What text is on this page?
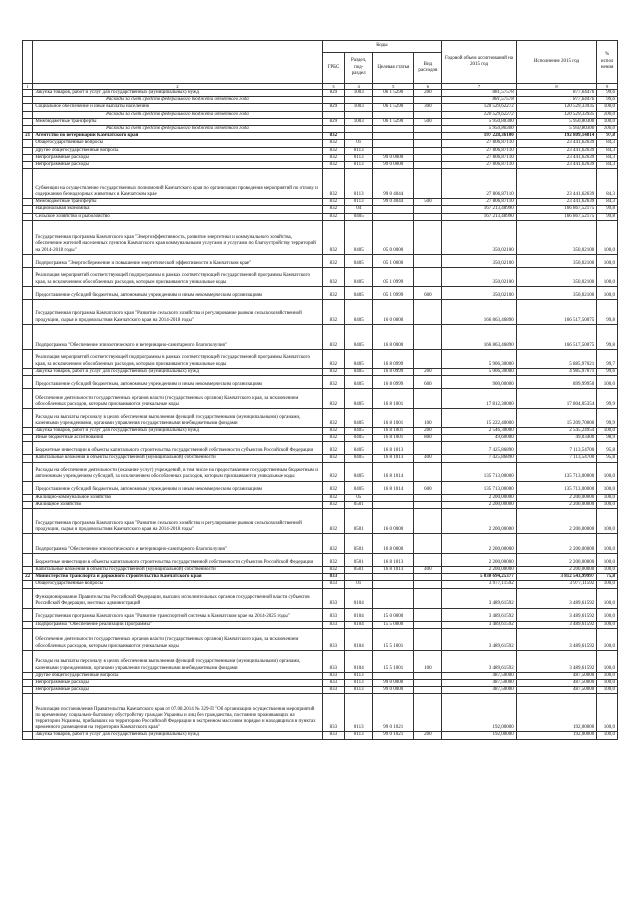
		Коды				Годовой объем ассигнований на 2015 год	Исполнение 2015 год	% испол нения
		ГРБС	Раздел, под-раздел	Целевая статья	Вид расходов			
1	2	3	4	5	6	7	8	9
	Закупка товаров, работ и услуг для государственных (муниципальных) нужд	829	1003	06 1 5290	200	881,57578	877,64476	99,6
	Расходы за счет средств федерального бюджета отчетного года					881,57578	877,64476	99,6
	Социальное обеспечение и иные выплаты населению	829	1003	06 1 5290	300	120 529,62272	120 529,33935	100,0
	Расходы за счет средств федерального бюджета отчетного года					120 529,62272	120 529,33935	100,0
	Межбюджетные трансферты	829	1003	06 1 5290	500	5 950,80300	5 950,80300	100,0
	Расходы за счет средств федерального бюджета отчетного года					5 950,80300	5 950,80300	100,0
21	Агентство по ветеринарии Камчатского края	832				197 228,36100	192 809,14814	97,8
	Общегосударственные вопросы	832	01			27 806,87110	23 441,62639	84,3
	Другие общегосударственные вопросы	832	0113			27 806,87110	23 441,62639	84,3
	Непрограммные расходы	832	0113	99 0 0000		27 806,87110	23 441,62639	84,3
	Непрограммные расходы	832	0113	99 0 0000		27 806,87110	23 441,62639	84,3
	Субвенции на осуществление государственных полномочий Камчатского края по организации проведения мероприятий по отлову и содержанию безнадзорных животных в Камчатском крае	832	0113	99 0 4044		27 806,87110	23 441,62639	84,3
	Межбюджетные трансферты	832	0113	99 0 4044	500	27 806,87110	23 441,62639	84,3
	Национальная экономика	832	04			167 213,48990	166 867,52175	99,8
	Сельское хозяйство и рыболовство	832	0405			167 213,48990	166 867,52175	99,8
	Государственная программа Камчатского края "Энергоэффективность, развитие энергетики и коммунального хозяйства, обеспечение жителей населенных пунктов Камчатского края коммунальными услугами и услугами по благоустройству территорий на 2014-2018 годы"	832	0405	05 0 0000		350,02100	350,02100	100,0
	Подпрограмма "Энергосбережение и повышение энергетической эффективности в Камчатском крае"	832	0405	05 1 0000		350,02100	350,02100	100,0
	Реализация мероприятий соответствующей подпрограммы в рамках соответствующей государственной программы Камчатского края, за исключением обособленных расходов, которым присваиваются уникальные коды	832	0405	05 1 0999		350,02100	350,02100	100,0
	Предоставление субсидий бюджетным, автономным учреждениям и иным некоммерческим организациям	832	0405	05 1 0999	600	350,02100	350,02100	100,0
	Государственная программа Камчатского края "Развитие сельского хозяйства и регулирование рынков сельскохозяйственной продукции, сырья и продовольствия Камчатского края на 2014-2018 годы"	832	0405	16 0 0000		166 863,46890	166 517,50075	99,8
	Подпрограмма "Обеспечение эпизоотического и ветеринарно-санитарного благополучия"	832	0405	16 8 0000		166 863,46890	166 517,50075	99,8
	Реализация мероприятий соответствующей подпрограммы в рамках соответствующей государственной программы Камчатского края, за исключением обособленных расходов, которым присваиваются уникальные коды	832	0405	16 8 0999		5 906,30000	5 885,97021	99,7
	Закупка товаров, работ и услуг для государственных (муниципальных) нужд	832	0405	16 8 0999	200	5 006,30000	4 985,97071	99,6
	Предоставление субсидий бюджетным, автономным учреждениям и иным некоммерческим организациям	832	0405	16 8 0999	600	900,00000	899,99950	100,0
	Обеспечение деятельности государственных органов власти (государственных органов) Камчатского края, за исключением обособленных расходов, которым присваиваются уникальные коды	832	0405	16 8 1001		17 812,30000	17 804,05354	99,9
	Расходы на выплаты персоналу в целях обеспечения выполнения функций государственными (муниципальными) органами, казенными учреждениями, органами управления государственными внебюджетными фондами	832	0405	16 8 1001	100	15 222,40000	15 209,70000	99,9
	Закупка товаров, работ и услуг для государственных (муниципальных) нужд	832	0405	16 8 1001	200	2 546,30000	2 545,24954	100,0
	Иные бюджетные ассигнования	832	0405	16 8 1001	800	49,60000	49,03400	98,9
	Бюджетные инвестиции в объекты капитального строительства государственной собственности субъектов Российской Федерации	832	0405	16 8 1013		7 425,86890	7 113,54700	95,8
	Капитальные вложения в объекты государственной (муниципальной) собственности	832	0405	16 8 1013	400	7 425,86890	7 113,54700	95,8
	Расходы на обеспечение деятельности (оказание услуг) учреждений, в том числе на предоставление государственным бюджетным и автономным учреждениям субсидий, за исключением обособленных расходов, которым присваиваются уникальные коды	832	0405	16 8 1014		135 713,00000	135 713,00000	100,0
	Предоставление субсидий бюджетным, автономным учреждениям и иным некоммерческим организациям	832	0405	16 8 1014	600	135 713,00000	135 713,00000	100,0
	Жилищно-коммунальное хозяйство	832	05			2 200,00000	2 200,00000	100,0
	Жилищное хозяйство	832	0501			2 200,00000	2 200,00000	100,0
	Государственная программа Камчатского края "Развитие сельского хозяйства и регулирование рынков сельскохозяйственной продукции, сырья и продовольствия Камчатского края на 2014-2018 годы"	832	0501	16 0 0000		2 200,00000	2 200,00000	100,0
	Подпрограмма "Обеспечение эпизоотического и ветеринарно-санитарного благополучия"	832	0501	16 8 0000		2 200,00000	2 200,00000	100,0
	Бюджетные инвестиции в объекты капитального строительства государственной собственности субъектов Российской Федерации	832	0501	16 8 1013		2 200,00000	2 200,00000	100,0
	Капитальные вложения в объекты государственной (муниципальной) собственности	832	0501	16 8 1013	400	2 200,00000	2 200,00000	100,0
22	Министерство транспорта и дорожного строительства Камчатского края	833				5 030 694,25377	3 812 543,99997	75,8
	Общегосударственные вопросы	833	01			3 977,11592	3 977,11592	100,0
	Функционирование Правительства Российской Федерации, высших исполнительных органов государственной власти субъектов Российской Федерации, местных администраций	833	0104			3 489,61592	3 489,61592	100,0
	Государственная программа Камчатского края "Развитие транспортной системы в Камчатском крае на 2014-2025 годы"	833	0104	15 0 0000		3 489,61592	3 489,61592	100,0
	Подпрограмма "Обеспечение реализации Программы"	833	0104	15 5 0000		3 489,61592	3 489,61592	100,0
	Обеспечение деятельности государственных органов власти (государственных органов) Камчатского края, за исключением обособленных расходов, которым присваиваются уникальные коды	833	0104	15 5 1001		3 489,61592	3 489,61592	100,0
	Расходы на выплаты персоналу в целях обеспечения выполнения функций государственными (муниципальными) органами, казенными учреждениями, органами управления государственными внебюджетными фондами	833	0104	15 5 1001	100	3 489,61592	3 489,61592	100,0
	Другие общегосударственные вопросы	833	0113			487,50000	487,50000	100,0
	Непрограммные расходы	833	0113	99 0 0000		487,50000	487,50000	100,0
	Непрограммные расходы	833	0113	99 0 0000		487,50000	487,50000	100,0
	Реализация постановления Правительства Камчатского края от 07.08.2014 № 329-П "Об организации осуществления мероприятий по временному социально-бытовому обустройству граждан Украины и лиц без гражданства, постоянно проживающих на территории Украины, прибывших на территорию Российской Федерации в экстренном массовом порядке и находящихся в пунктах временного размещения на территории Камчатского края"	833	0113	99 0 1021		192,00000	192,00000	100,0
	Закупка товаров, работ и услуг для государственных (муниципальных) нужд	833	0113	99 0 1021	200	192,00000	192,00000	100,0
